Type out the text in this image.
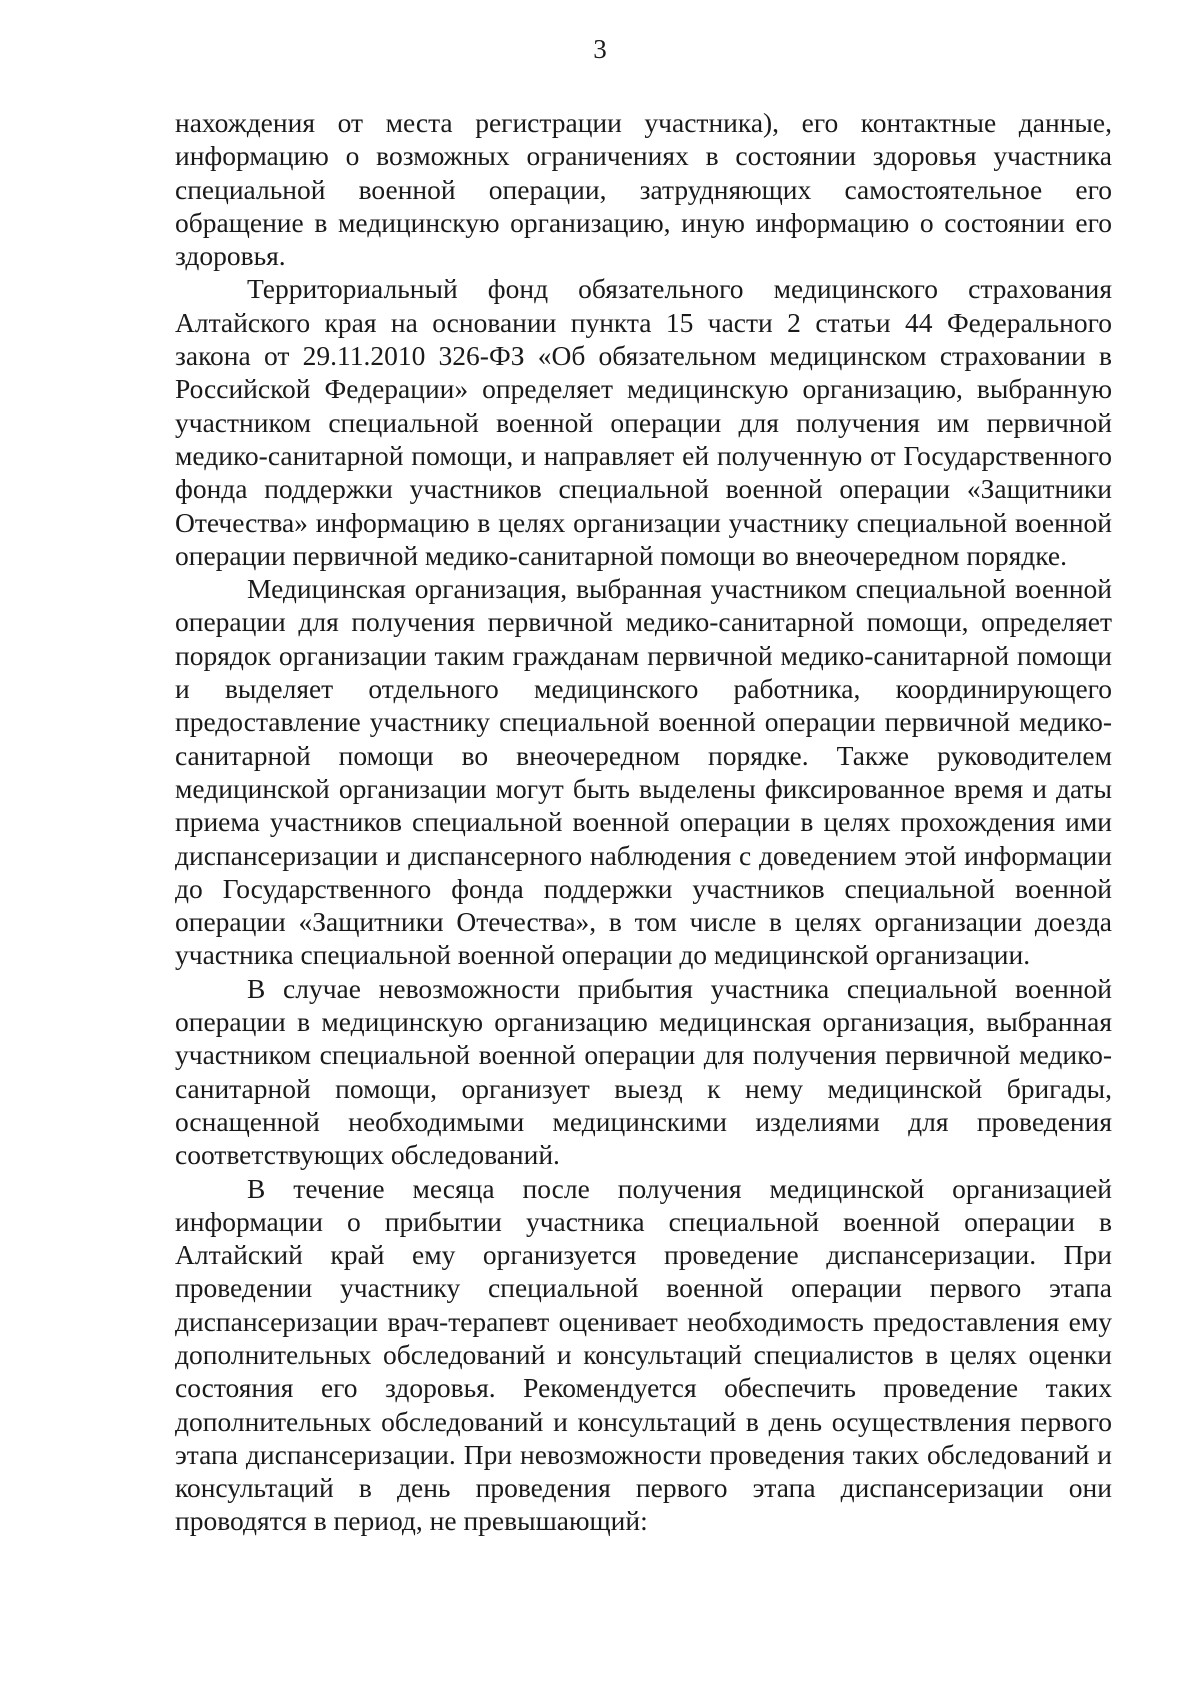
3

нахождения от места регистрации участника), его контактные данные, информацию о возможных ограничениях в состоянии здоровья участника специальной военной операции, затрудняющих самостоятельное его обращение в медицинскую организацию, иную информацию о состоянии его здоровья.

Территориальный фонд обязательного медицинского страхования Алтайского края на основании пункта 15 части 2 статьи 44 Федерального закона от 29.11.2010 326-ФЗ «Об обязательном медицинском страховании в Российской Федерации» определяет медицинскую организацию, выбранную участником специальной военной операции для получения им первичной медико-санитарной помощи, и направляет ей полученную от Государственного фонда поддержки участников специальной военной операции «Защитники Отечества» информацию в целях организации участнику специальной военной операции первичной медико-санитарной помощи во внеочередном порядке.

Медицинская организация, выбранная участником специальной военной операции для получения первичной медико-санитарной помощи, определяет порядок организации таким гражданам первичной медико-санитарной помощи и выделяет отдельного медицинского работника, координирующего предоставление участнику специальной военной операции первичной медико-санитарной помощи во внеочередном порядке. Также руководителем медицинской организации могут быть выделены фиксированное время и даты приема участников специальной военной операции в целях прохождения ими диспансеризации и диспансерного наблюдения с доведением этой информации до Государственного фонда поддержки участников специальной военной операции «Защитники Отечества», в том числе в целях организации доезда участника специальной военной операции до медицинской организации.

В случае невозможности прибытия участника специальной военной операции в медицинскую организацию медицинская организация, выбранная участником специальной военной операции для получения первичной медико-санитарной помощи, организует выезд к нему медицинской бригады, оснащенной необходимыми медицинскими изделиями для проведения соответствующих обследований.

В течение месяца после получения медицинской организацией информации о прибытии участника специальной военной операции в Алтайский край ему организуется проведение диспансеризации. При проведении участнику специальной военной операции первого этапа диспансеризации врач-терапевт оценивает необходимость предоставления ему дополнительных обследований и консультаций специалистов в целях оценки состояния его здоровья. Рекомендуется обеспечить проведение таких дополнительных обследований и консультаций в день осуществления первого этапа диспансеризации. При невозможности проведения таких обследований и консультаций в день проведения первого этапа диспансеризации они проводятся в период, не превышающий:
